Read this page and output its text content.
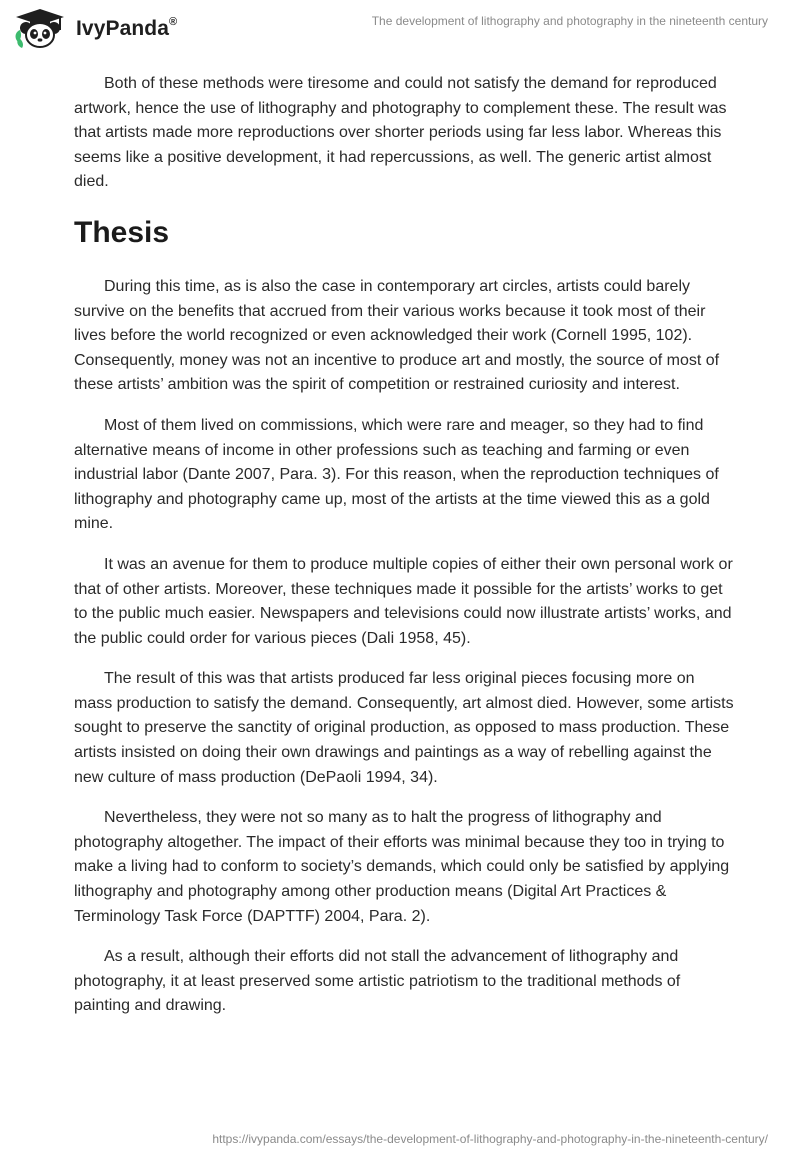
IvyPanda®	The development of lithography and photography in the nineteenth century

Both of these methods were tiresome and could not satisfy the demand for reproduced artwork, hence the use of lithography and photography to complement these. The result was that artists made more reproductions over shorter periods using far less labor. Whereas this seems like a positive development, it had repercussions, as well. The generic artist almost died.

Thesis

During this time, as is also the case in contemporary art circles, artists could barely survive on the benefits that accrued from their various works because it took most of their lives before the world recognized or even acknowledged their work (Cornell 1995, 102). Consequently, money was not an incentive to produce art and mostly, the source of most of these artists’ ambition was the spirit of competition or restrained curiosity and interest.

Most of them lived on commissions, which were rare and meager, so they had to find alternative means of income in other professions such as teaching and farming or even industrial labor (Dante 2007, Para. 3). For this reason, when the reproduction techniques of lithography and photography came up, most of the artists at the time viewed this as a gold mine.

It was an avenue for them to produce multiple copies of either their own personal work or that of other artists. Moreover, these techniques made it possible for the artists’ works to get to the public much easier. Newspapers and televisions could now illustrate artists’ works, and the public could order for various pieces (Dali 1958, 45).

The result of this was that artists produced far less original pieces focusing more on mass production to satisfy the demand. Consequently, art almost died. However, some artists sought to preserve the sanctity of original production, as opposed to mass production. These artists insisted on doing their own drawings and paintings as a way of rebelling against the new culture of mass production (DePaoli 1994, 34).

Nevertheless, they were not so many as to halt the progress of lithography and photography altogether. The impact of their efforts was minimal because they too in trying to make a living had to conform to society’s demands, which could only be satisfied by applying lithography and photography among other production means (Digital Art Practices & Terminology Task Force (DAPTTF) 2004, Para. 2).

As a result, although their efforts did not stall the advancement of lithography and photography, it at least preserved some artistic patriotism to the traditional methods of painting and drawing.

https://ivypanda.com/essays/the-development-of-lithography-and-photography-in-the-nineteenth-century/
